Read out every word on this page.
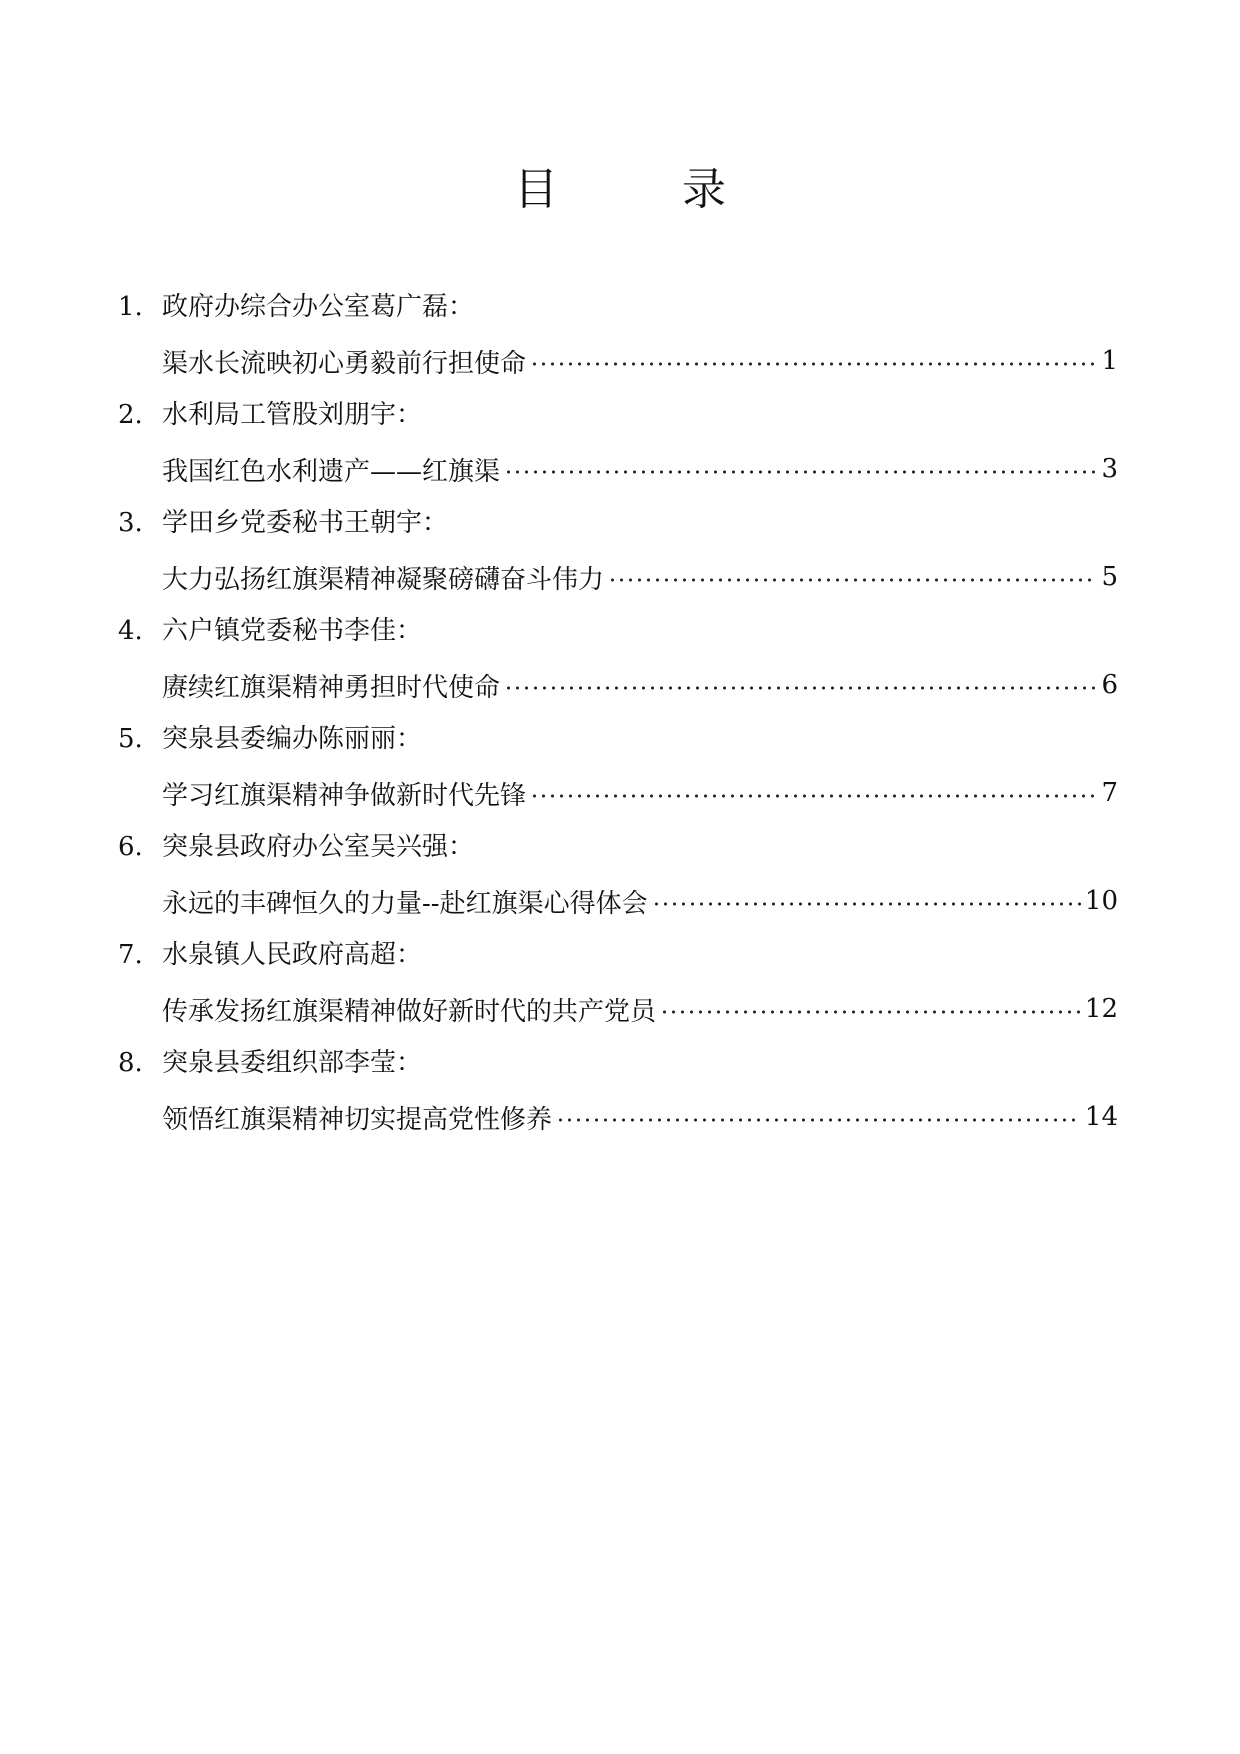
目　录
1. 政府办综合办公室葛广磊：
渠水长流映初心勇毅前行担使命	1
2. 水利局工管股刘朋宇：
我国红色水利遗产——红旗渠	3
3. 学田乡党委秘书王朝宇：
大力弘扬红旗渠精神凝聚磅礴奋斗伟力	5
4. 六户镇党委秘书李佳：
赓续红旗渠精神勇担时代使命	6
5. 突泉县委编办陈丽丽：
学习红旗渠精神争做新时代先锋	7
6. 突泉县政府办公室吴兴强：
永远的丰碑恒久的力量--赴红旗渠心得体会	10
7. 水泉镇人民政府高超：
传承发扬红旗渠精神做好新时代的共产党员	12
8. 突泉县委组织部李莹：
领悟红旗渠精神切实提高党性修养	14
